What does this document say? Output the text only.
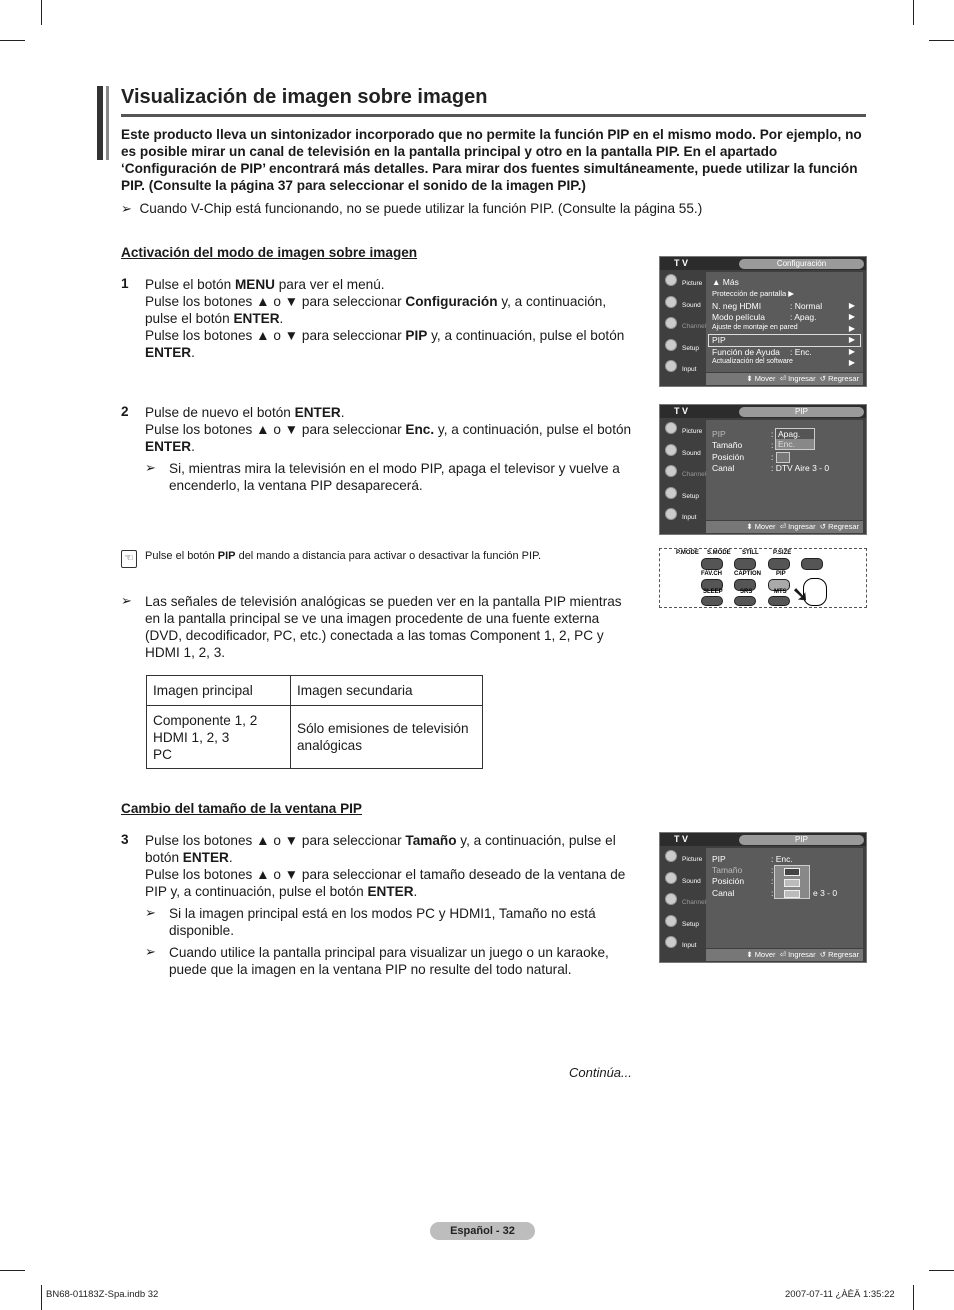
Visualización de imagen sobre imagen
Este producto lleva un sintonizador incorporado que no permite la función PIP en el mismo modo. Por ejemplo, no es posible mirar un canal de televisión en la pantalla principal y otro en la pantalla PIP. En el apartado ‘Configuración de PIP’ encontrará más detalles. Para mirar dos fuentes simultáneamente, puede utilizar la función PIP. (Consulte la página 37 para seleccionar el sonido de la imagen PIP.)
➢ Cuando V-Chip está funcionando, no se puede utilizar la función PIP. (Consulte la página 55.)
Activación del modo de imagen sobre imagen
1 Pulse el botón MENU para ver el menú.
Pulse los botones ▲ o ▼ para seleccionar Configuración y, a continuación, pulse el botón ENTER.
Pulse los botones ▲ o ▼ para seleccionar PIP y, a continuación, pulse el botón ENTER.
2 Pulse de nuevo el botón ENTER.
Pulse los botones ▲ o ▼ para seleccionar Enc. y, a continuación, pulse el botón ENTER.
➢ Si, mientras mira la televisión en el modo PIP, apaga el televisor y vuelve a encenderlo, la ventana PIP desaparecerá.
☜	Pulse el botón PIP del mando a distancia para activar o desactivar la función PIP.
➢ Las señales de televisión analógicas se pueden ver en la pantalla PIP mientras en la pantalla principal se ve una imagen procedente de una fuente externa (DVD, decodificador, PC, etc.) conectada a las tomas Component 1, 2, PC y HDMI 1, 2, 3.
Imagen principal	Imagen secundaria
Componente 1, 2
HDMI 1, 2, 3
PC	Sólo emisiones de televisión analógicas
Cambio del tamaño de la ventana PIP
3 Pulse los botones ▲ o ▼ para seleccionar Tamaño y, a continuación, pulse el botón ENTER.
Pulse los botones ▲ o ▼ para seleccionar el tamaño deseado de la ventana de PIP y, a continuación, pulse el botón ENTER.
➢ Si la imagen principal está en los modos PC y HDMI1, Tamaño no está disponible.
➢ Cuando utilice la pantalla principal para visualizar un juego o un karaoke, puede que la imagen en la ventana PIP no resulte del todo natural.
Continúa...
T V	Configuración
Picture
Sound
Channel
Setup
Input
▲ Más
Protección de pantalla ▶
N. neg HDMI	: Normal	▶
Modo película	: Apag.	▶
Ajuste de montaje en pared	▶
PIP	▶
Función de Ayuda : Enc.	▶
Actualización del software	▶
⬍ Mover  ⏎ Ingresar  ↺ Regresar
T V	PIP
Picture
Sound
Channel
Setup
Input
PIP	: Apag.
Enc.
Tamaño	:
Posición	:
Canal	: DTV Aire 3 - 0
⬍ Mover  ⏎ Ingresar  ↺ Regresar
P.MODE S.MODE STILL P.SIZE
FAV.CH CAPTION	PIP
SLEEP	SRS	MTS ➘
T V	PIP
Picture
Sound
Channel
Setup
Input
PIP	: Enc.
Tamaño	:
Posición	:
Canal	:	e 3 - 0
⬍ Mover  ⏎ Ingresar  ↺ Regresar
Español - 32
BN68-01183Z-Spa.indb 32	2007-07-11 ¿ÀÈÄ 1:35:22
